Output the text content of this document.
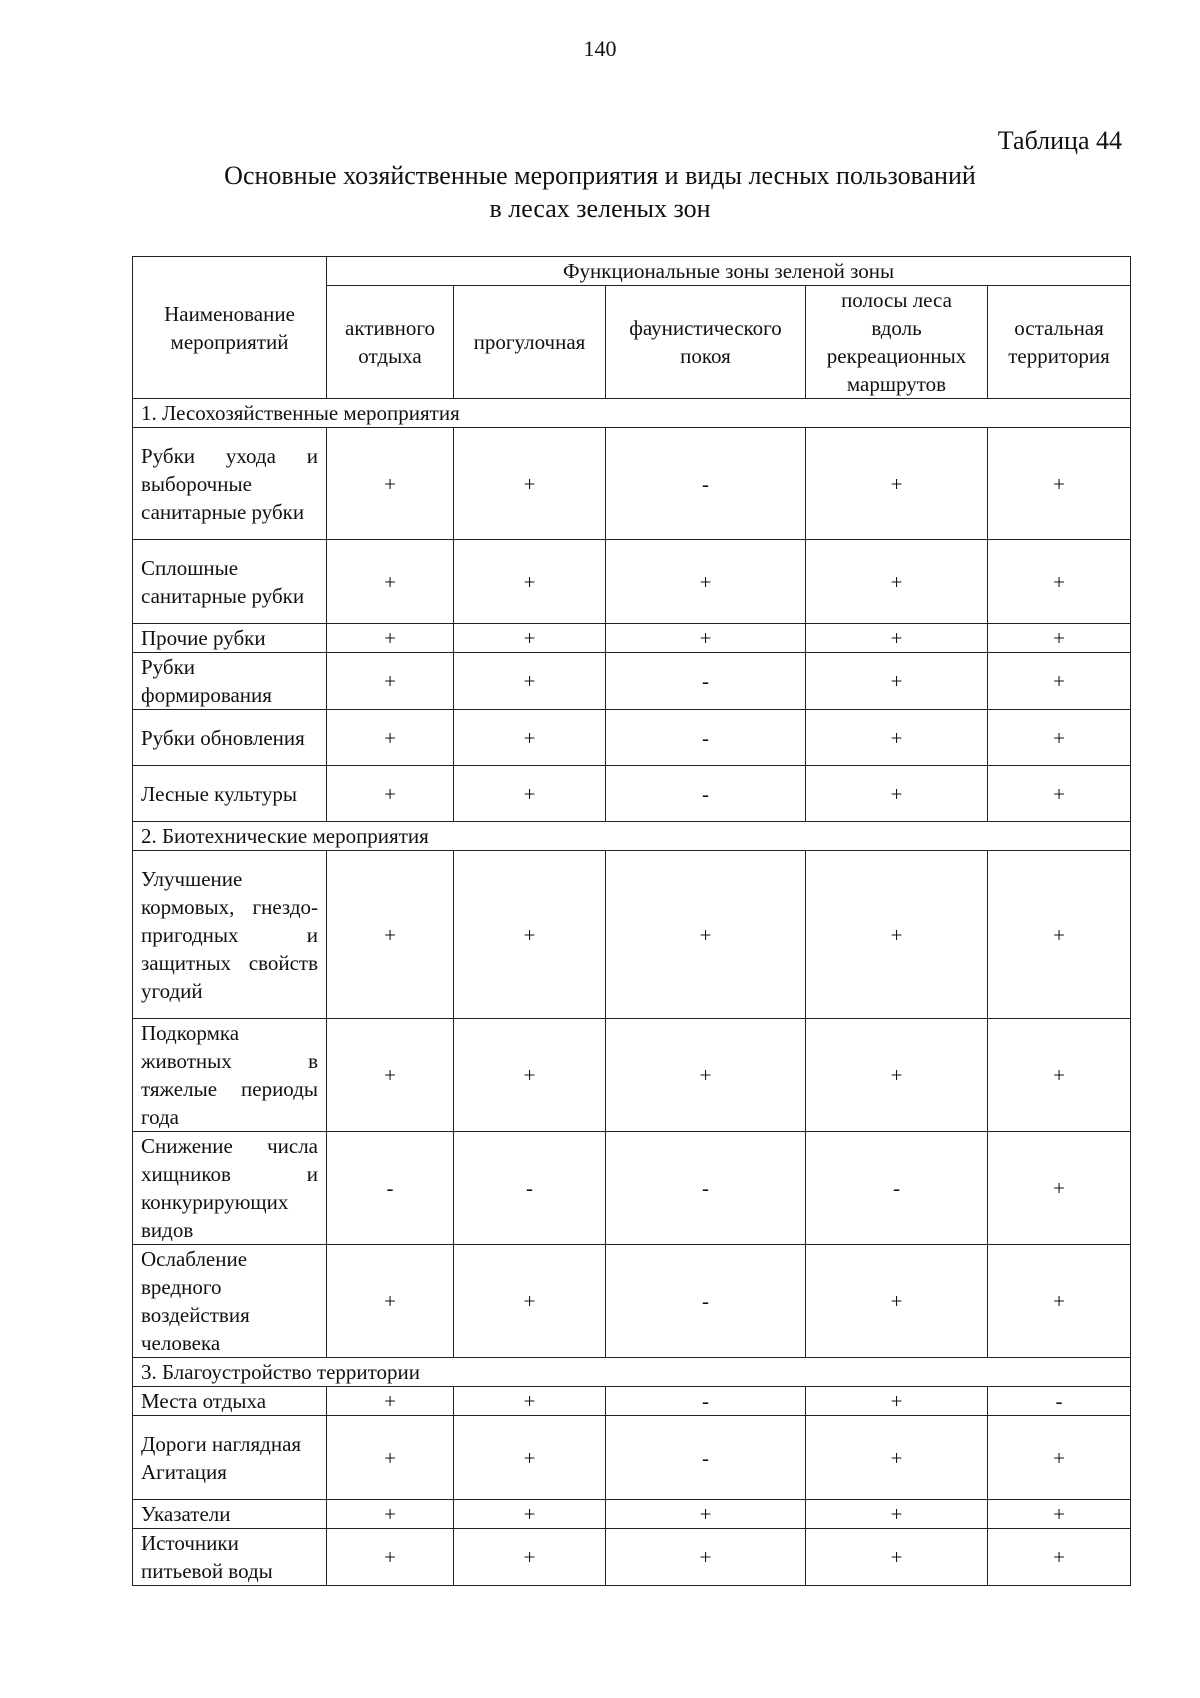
140
Таблица 44
Основные хозяйственные мероприятия и виды лесных пользований
в лесах зеленых зон
Наименование мероприятий	Функциональные зоны зеленой зоны				
	активного отдыха	прогулочная	фаунистического покоя	полосы леса вдоль рекреационных маршрутов	остальная территория
1. Лесохозяйственные мероприятия					
Рубки ухода и выборочные санитарные рубки	+	+	-	+	+
Сплошные санитарные рубки	+	+	+	+	+
Прочие рубки	+	+	+	+	+
Рубки формирования	+	+	-	+	+
Рубки обновления	+	+	-	+	+
Лесные культуры	+	+	-	+	+
2. Биотехнические мероприятия					
Улучшение кормовых, гнездо-пригодных и защитных свойств угодий	+	+	+	+	+
Подкормка животных в тяжелые периоды года	+	+	+	+	+
Снижение числа хищников и конкурирующих видов	-	-	-	-	+
Ослабление вредного воздействия человека	+	+	-	+	+
3. Благоустройство территории					
Места отдыха	+	+	-	+	-
Дороги наглядная Агитация	+	+	-	+	+
Указатели	+	+	+	+	+
Источники питьевой воды	+	+	+	+	+
